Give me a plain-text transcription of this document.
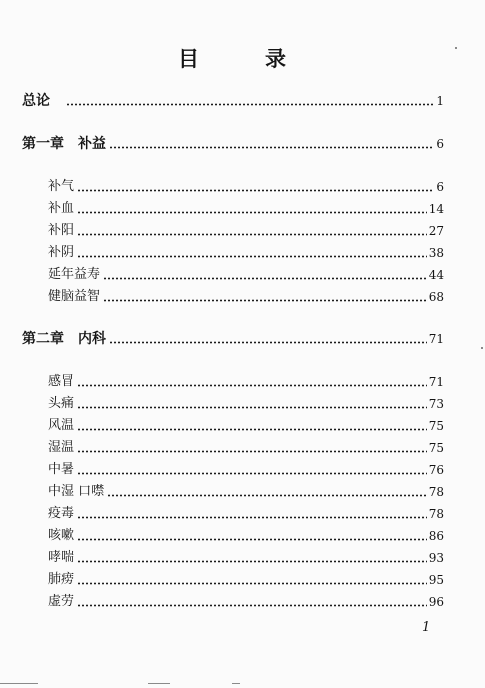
目	录
总论	1
第一章 补益	6
补气	6
补血	14
补阳	27
补阴	38
延年益寿	44
健脑益智	68
第二章 内科	71
感冒	71
头痛	73
风温	75
湿温	75
中暑	76
中湿 口噤	78
疫毒	78
咳嗽	86
哮喘	93
肺痨	95
虚劳	96
1
